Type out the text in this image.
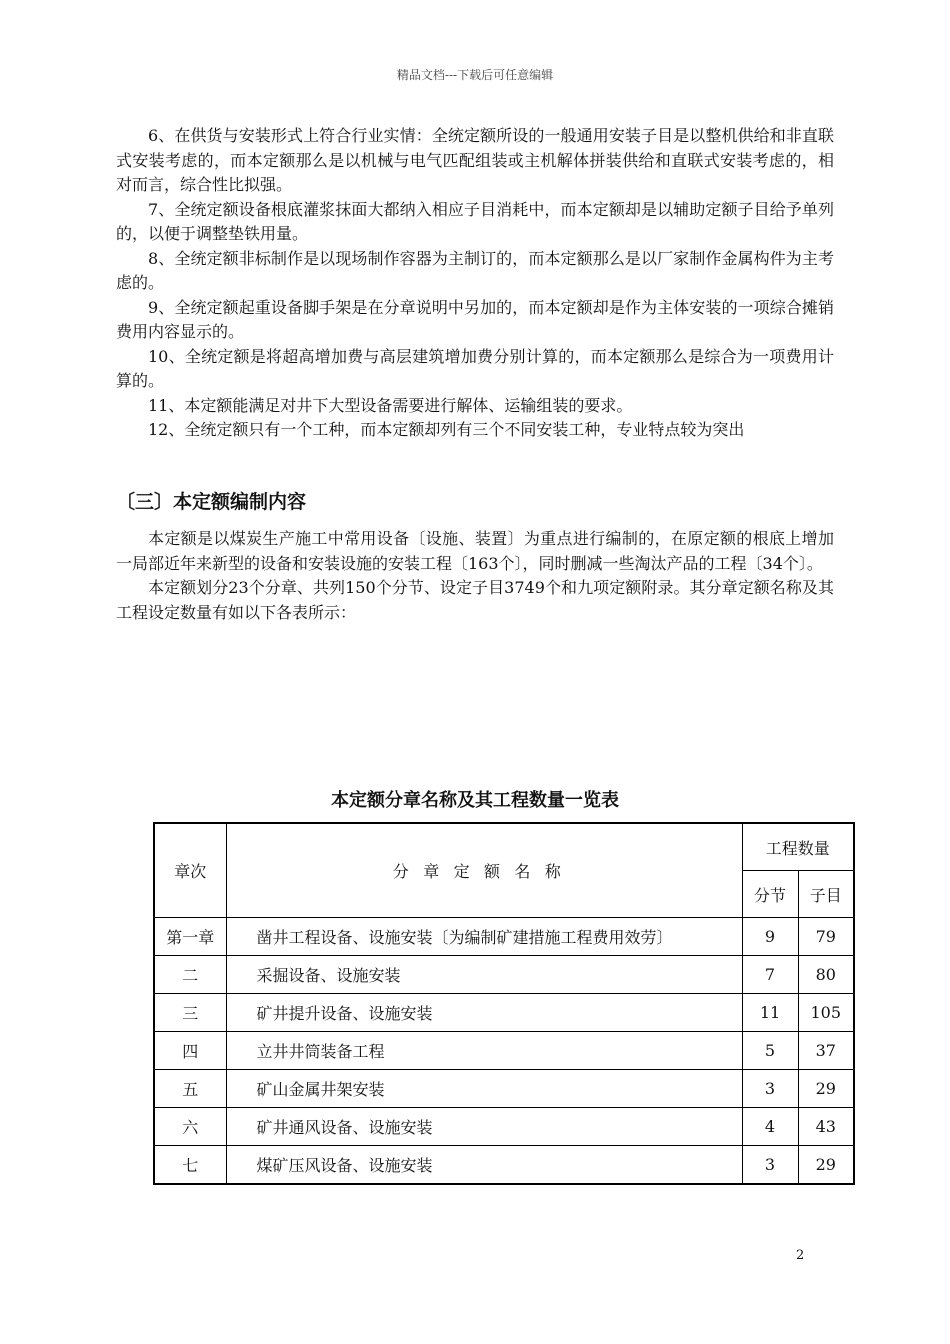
精品文档---下载后可任意编辑

6、在供货与安装形式上符合行业实情：全统定额所设的一般通用安装子目是以整机供给和非直联式安装考虑的，而本定额那么是以机械与电气匹配组装或主机解体拼装供给和直联式安装考虑的，相对而言，综合性比拟强。

7、全统定额设备根底灌浆抹面大都纳入相应子目消耗中，而本定额却是以辅助定额子目给予单列的，以便于调整垫铁用量。

8、全统定额非标制作是以现场制作容器为主制订的，而本定额那么是以厂家制作金属构件为主考虑的。

9、全统定额起重设备脚手架是在分章说明中另加的，而本定额却是作为主体安装的一项综合摊销费用内容显示的。

10、全统定额是将超高增加费与高层建筑增加费分别计算的，而本定额那么是综合为一项费用计算的。

11、本定额能满足对井下大型设备需要进行解体、运输组装的要求。

12、全统定额只有一个工种，而本定额却列有三个不同安装工种，专业特点较为突出

〔三〕本定额编制内容

本定额是以煤炭生产施工中常用设备〔设施、装置〕为重点进行编制的，在原定额的根底上增加一局部近年来新型的设备和安装设施的安装工程〔163个〕，同时删减一些淘汰产品的工程〔34个〕。

本定额划分23个分章、共列150个分节、设定子目3749个和九项定额附录。其分章定额名称及其工程设定数量有如以下各表所示：

本定额分章名称及其工程数量一览表
章次	分章定额名称	工程数量	
		分节	子目
第一章	凿井工程设备、设施安装〔为编制矿建措施工程费用效劳〕	9	79
二	采掘设备、设施安装	7	80
三	矿井提升设备、设施安装	11	105
四	立井井筒装备工程	5	37
五	矿山金属井架安装	3	29
六	矿井通风设备、设施安装	4	43
七	煤矿压风设备、设施安装	3	29
2
